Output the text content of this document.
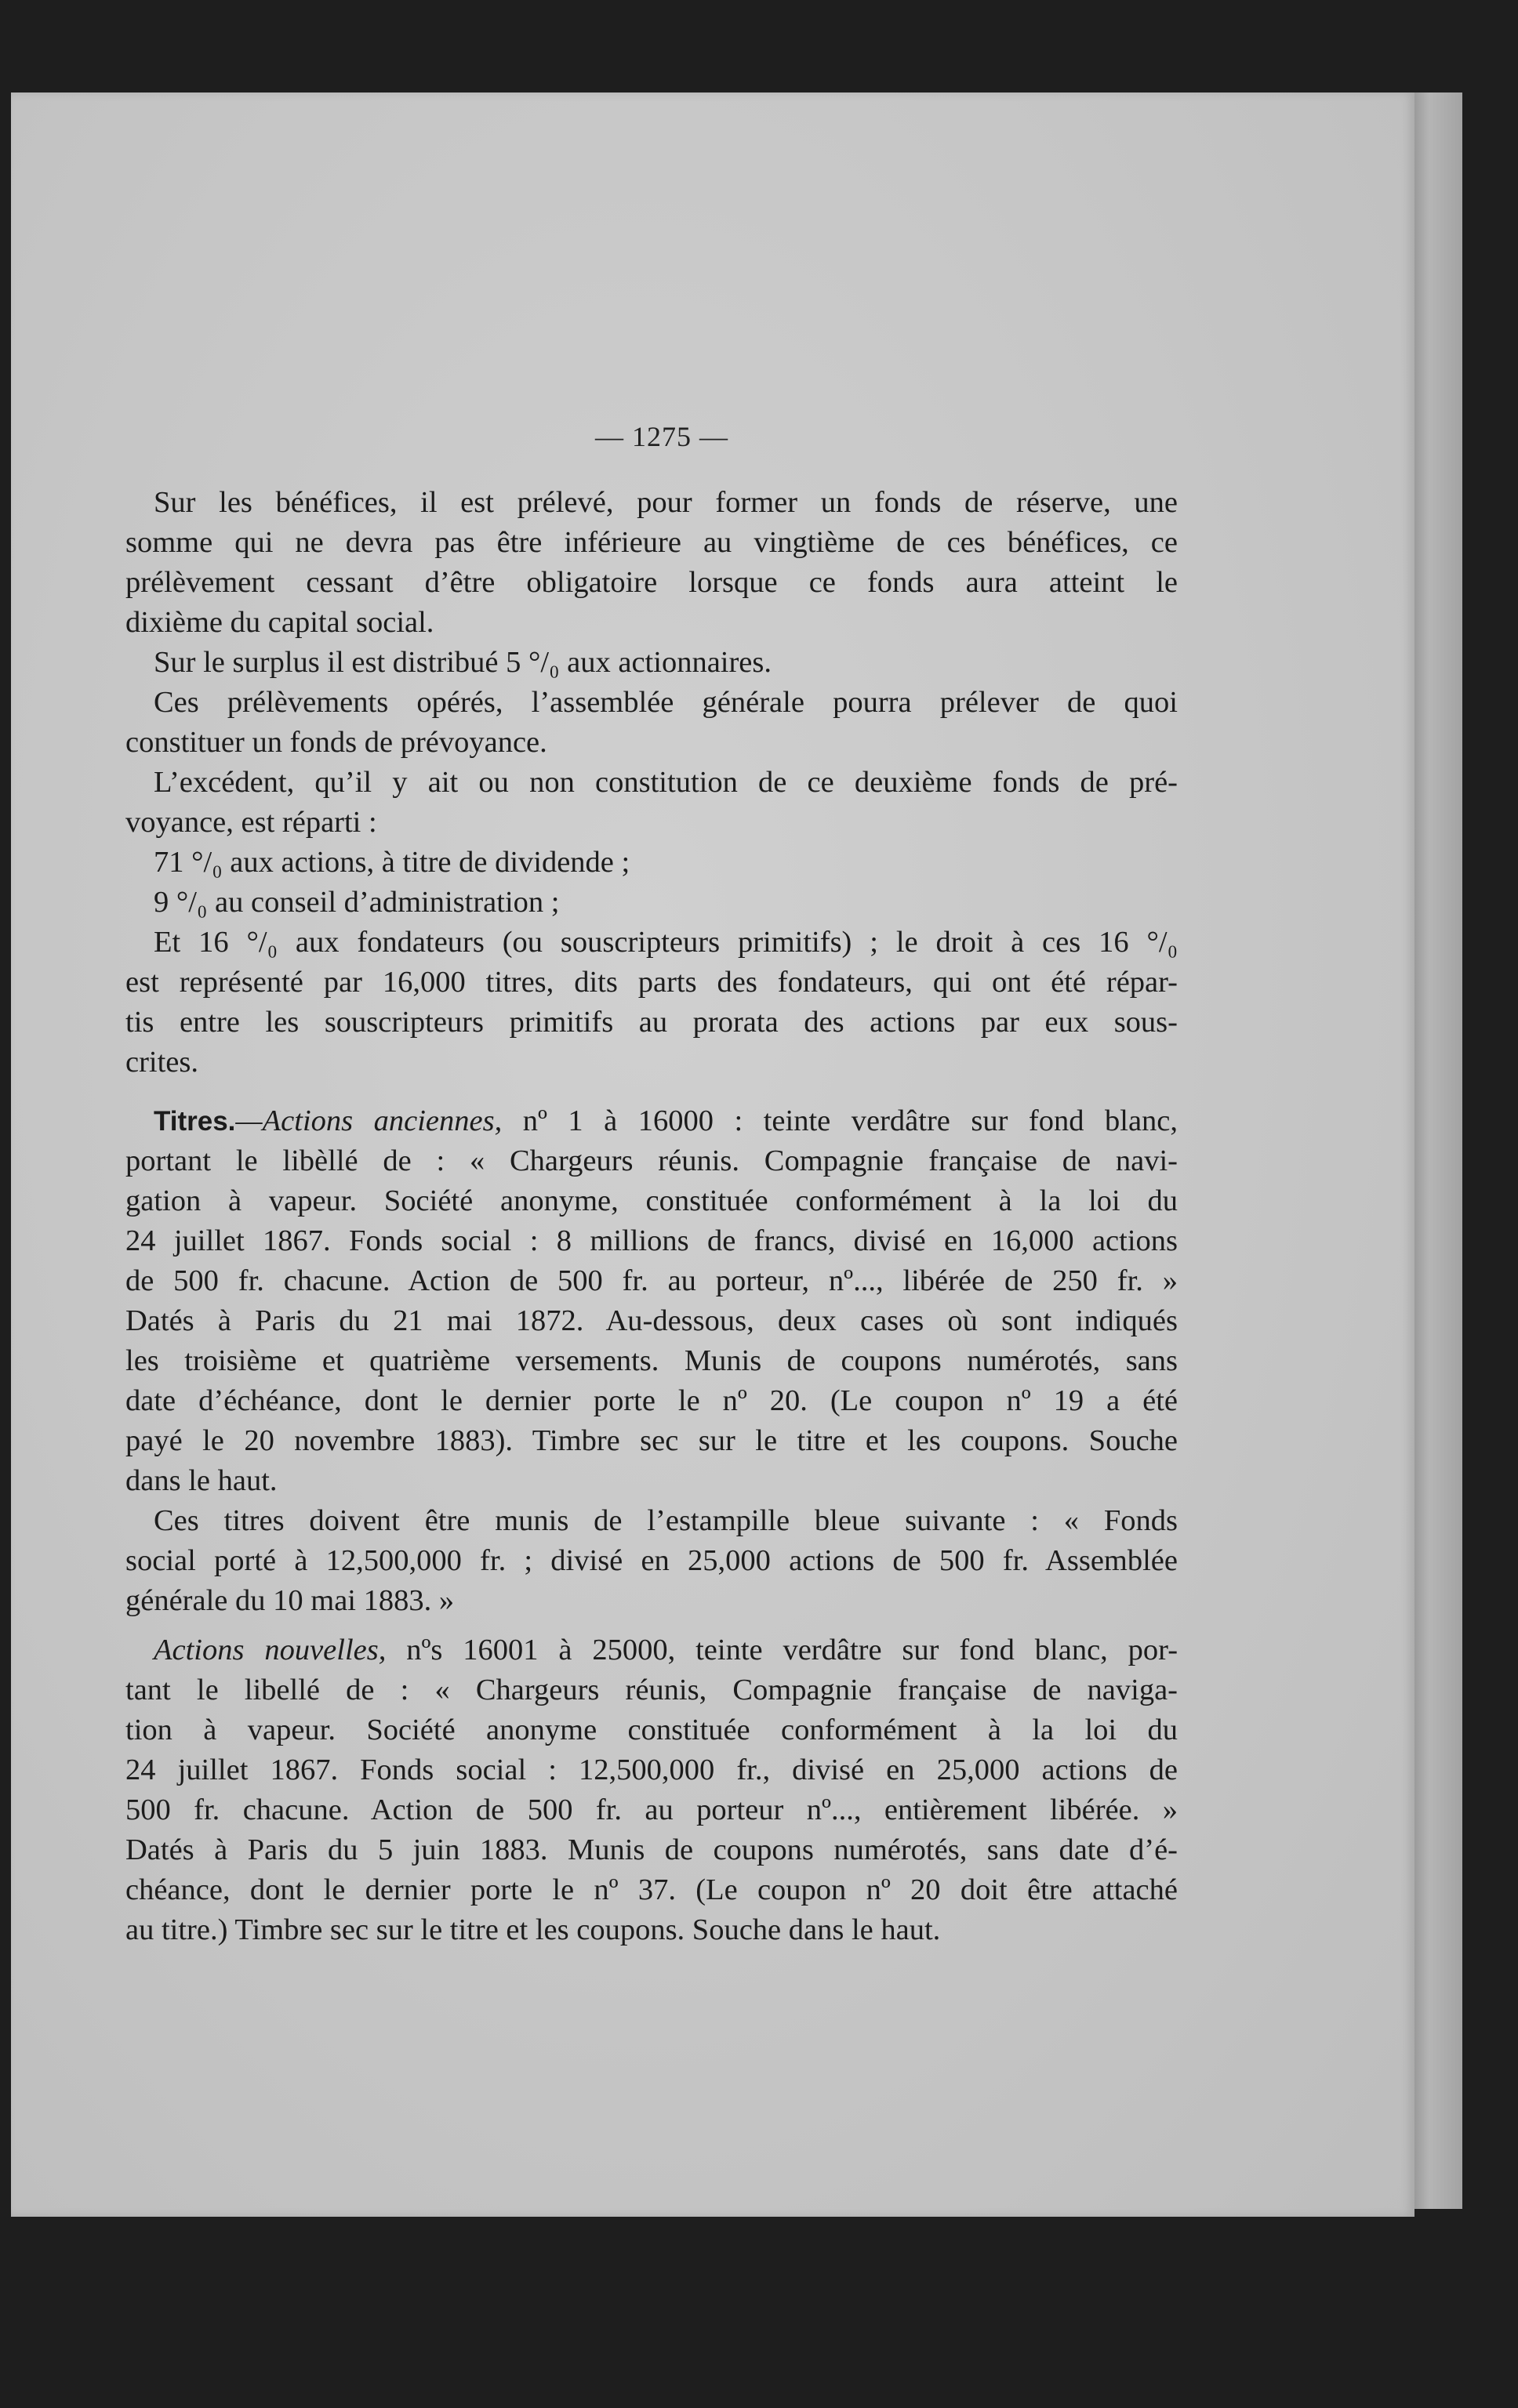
— 1275 —
Sur les bénéfices, il est prélevé, pour former un fonds de réserve, une
somme qui ne devra pas être inférieure au vingtième de ces bénéfices, ce
prélèvement cessant d’être obligatoire lorsque ce fonds aura atteint le
dixième du capital social.
Sur le surplus il est distribué 5 °/₀ aux actionnaires.
Ces prélèvements opérés, l’assemblée générale pourra prélever de quoi
constituer un fonds de prévoyance.
L’excédent, qu’il y ait ou non constitution de ce deuxième fonds de pré-
voyance, est réparti :
71 °/₀ aux actions, à titre de dividende ;
9 °/₀ au conseil d’administration ;
Et 16 °/₀ aux fondateurs (ou souscripteurs primitifs) ; le droit à ces 16 °/₀
est représenté par 16,000 titres, dits parts des fondateurs, qui ont été répar-
tis entre les souscripteurs primitifs au prorata des actions par eux sous-
crites.
Titres.—Actions anciennes, nº 1 à 16000 : teinte verdâtre sur fond blanc,
portant le libèllé de : « Chargeurs réunis. Compagnie française de navi-
gation à vapeur. Société anonyme, constituée conformément à la loi du
24 juillet 1867. Fonds social : 8 millions de francs, divisé en 16,000 actions
de 500 fr. chacune. Action de 500 fr. au porteur, nº..., libérée de 250 fr. »
Datés à Paris du 21 mai 1872. Au-dessous, deux cases où sont indiqués
les troisième et quatrième versements. Munis de coupons numérotés, sans
date d’échéance, dont le dernier porte le nº 20. (Le coupon nº 19 a été
payé le 20 novembre 1883). Timbre sec sur le titre et les coupons. Souche
dans le haut.
Ces titres doivent être munis de l’estampille bleue suivante : « Fonds
social porté à 12,500,000 fr. ; divisé en 25,000 actions de 500 fr. Assemblée
générale du 10 mai 1883. »
Actions nouvelles, nºs 16001 à 25000, teinte verdâtre sur fond blanc, por-
tant le libellé de : « Chargeurs réunis, Compagnie française de naviga-
tion à vapeur. Société anonyme constituée conformément à la loi du
24 juillet 1867. Fonds social : 12,500,000 fr., divisé en 25,000 actions de
500 fr. chacune. Action de 500 fr. au porteur nº..., entièrement libérée. »
Datés à Paris du 5 juin 1883. Munis de coupons numérotés, sans date d’é-
chéance, dont le dernier porte le nº 37. (Le coupon nº 20 doit être attaché
au titre.) Timbre sec sur le titre et les coupons. Souche dans le haut.
